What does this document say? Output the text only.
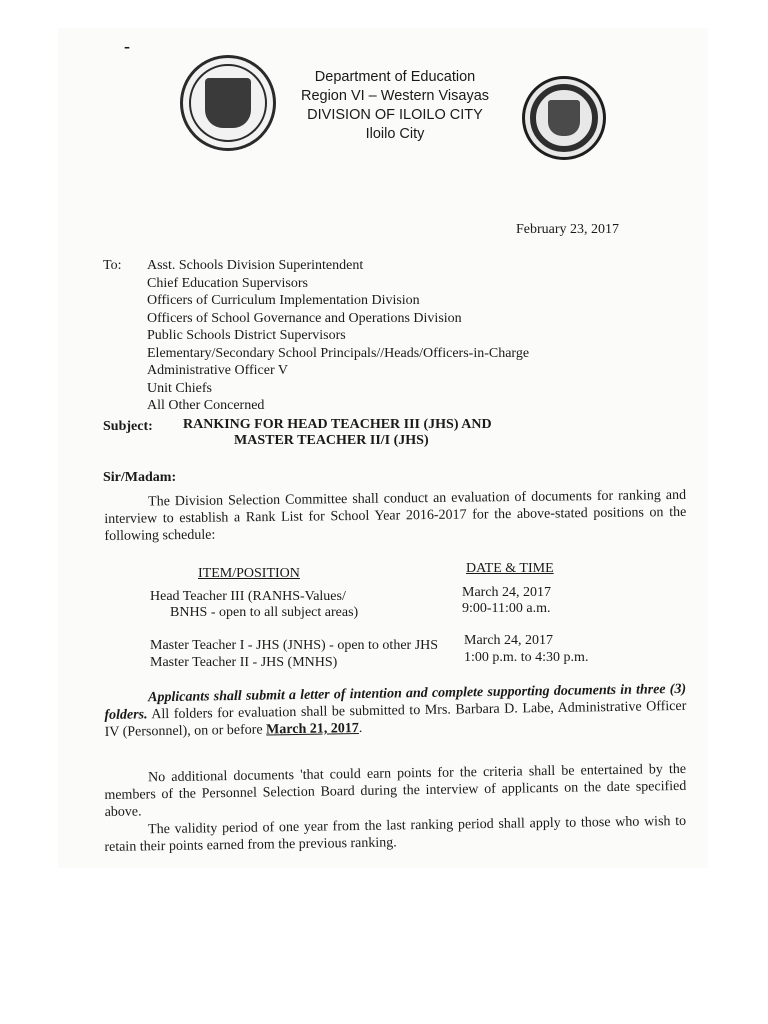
-
Department of Education
Region VI – Western Visayas
DIVISION OF ILOILO CITY
Iloilo City
February 23, 2017
To: Asst. Schools Division Superintendent
Chief Education Supervisors
Officers of Curriculum Implementation Division
Officers of School Governance and Operations Division
Public Schools District Supervisors
Elementary/Secondary School Principals//Heads/Officers-in-Charge
Administrative Officer V
Unit Chiefs
All Other Concerned
Subject: RANKING FOR HEAD TEACHER III (JHS) AND
MASTER TEACHER II/I (JHS)
Sir/Madam:
The Division Selection Committee shall conduct an evaluation of documents for ranking and interview to establish a Rank List for School Year 2016-2017 for the above-stated positions on the following schedule:
ITEM/POSITION	DATE & TIME
Head Teacher III (RANHS-Values/
BNHS - open to all subject areas)
March 24, 2017
9:00-11:00 a.m.
Master Teacher I - JHS (JNHS) - open to other JHS
Master Teacher II - JHS (MNHS)
March 24, 2017
1:00 p.m. to 4:30 p.m.
Applicants shall submit a letter of intention and complete supporting documents in three (3) folders. All folders for evaluation shall be submitted to Mrs. Barbara D. Labe, Administrative Officer IV (Personnel), on or before March 21, 2017.
No additional documents 'that could earn points for the criteria shall be entertained by the members of the Personnel Selection Board during the interview of applicants on the date specified above.
The validity period of one year from the last ranking period shall apply to those who wish to retain their points earned from the previous ranking.
